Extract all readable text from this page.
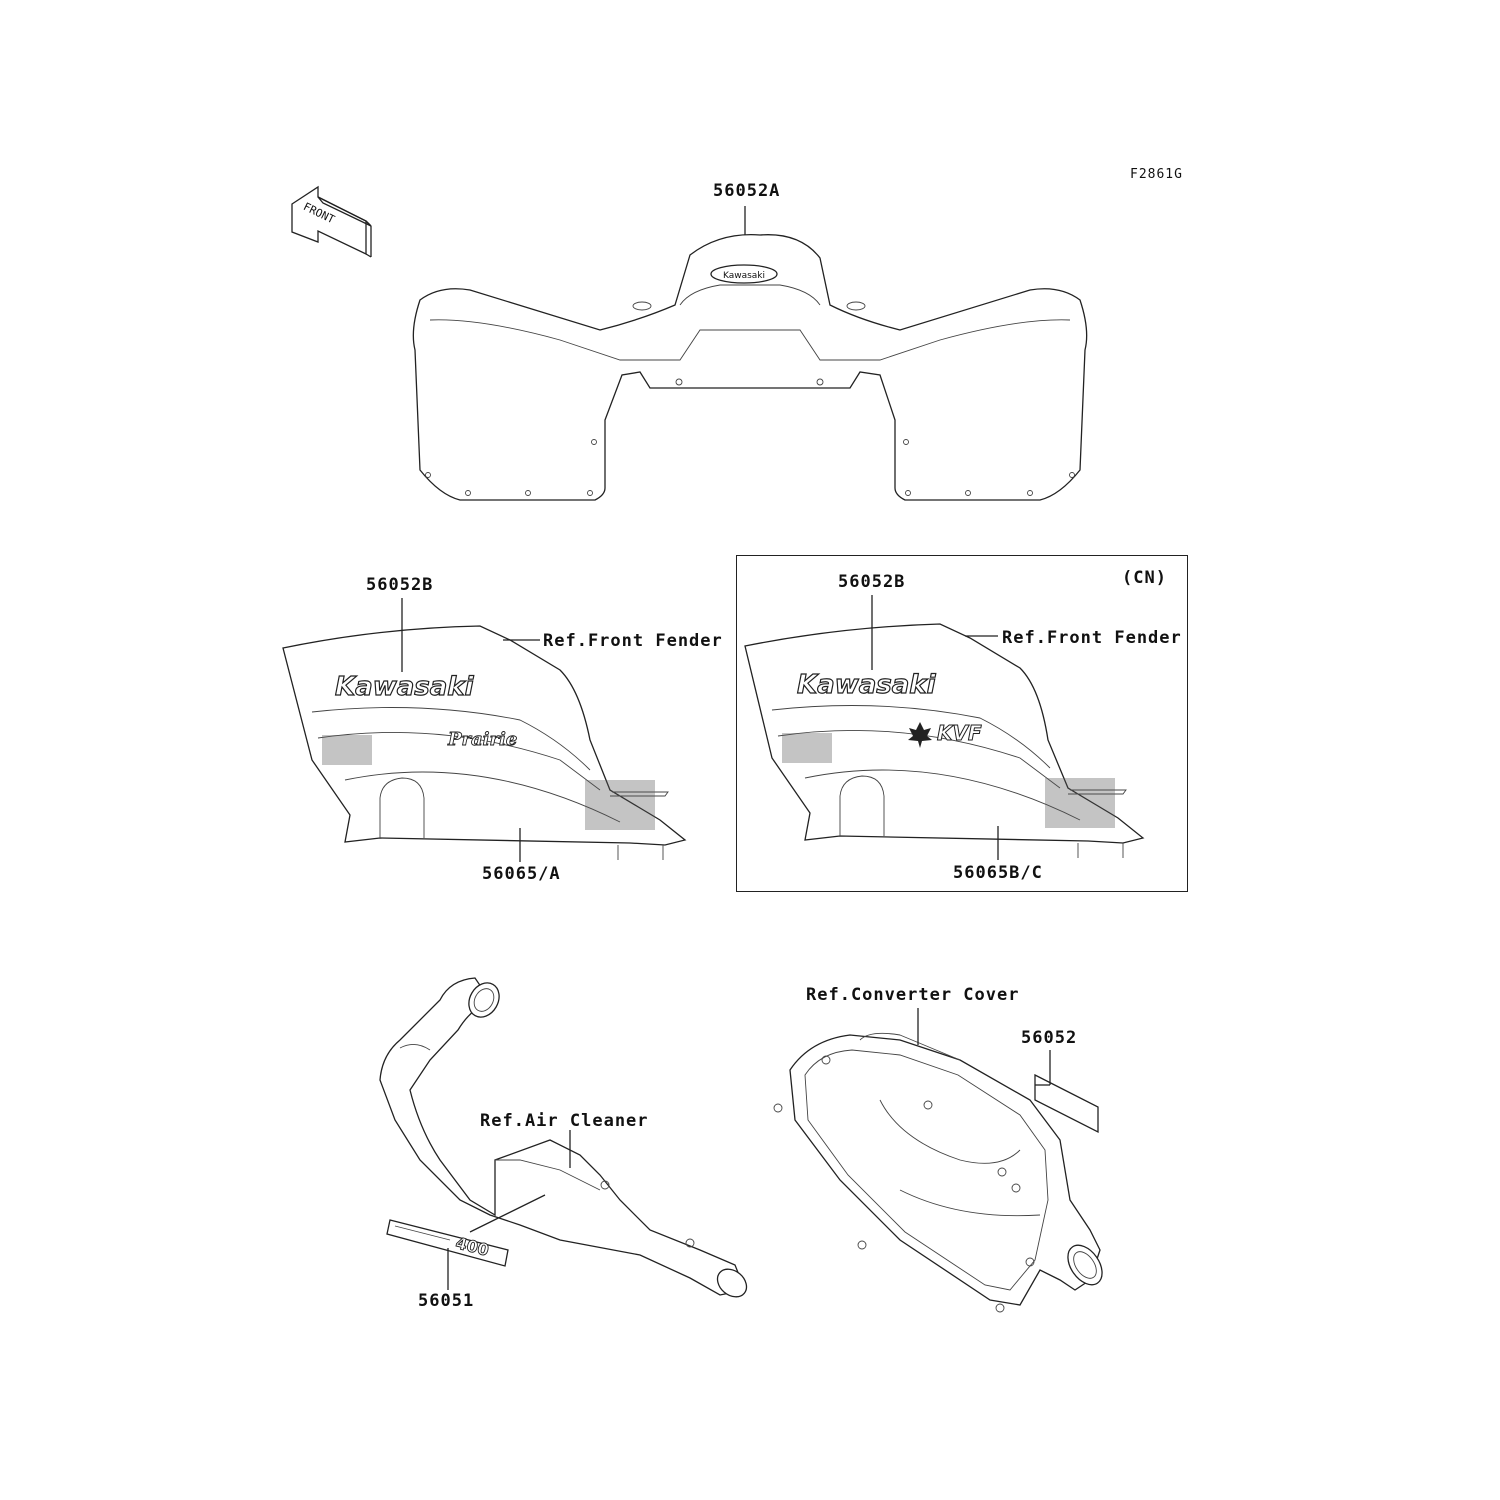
FRONT
Kawasaki
Kawasaki
Prairie
Kawasaki
KVF
400
F2861G
56052A
56052B
Ref.Front Fender
56065/A
(CN)
56052B
Ref.Front Fender
56065B/C
Ref.Converter Cover
56052
Ref.Air Cleaner
56051
